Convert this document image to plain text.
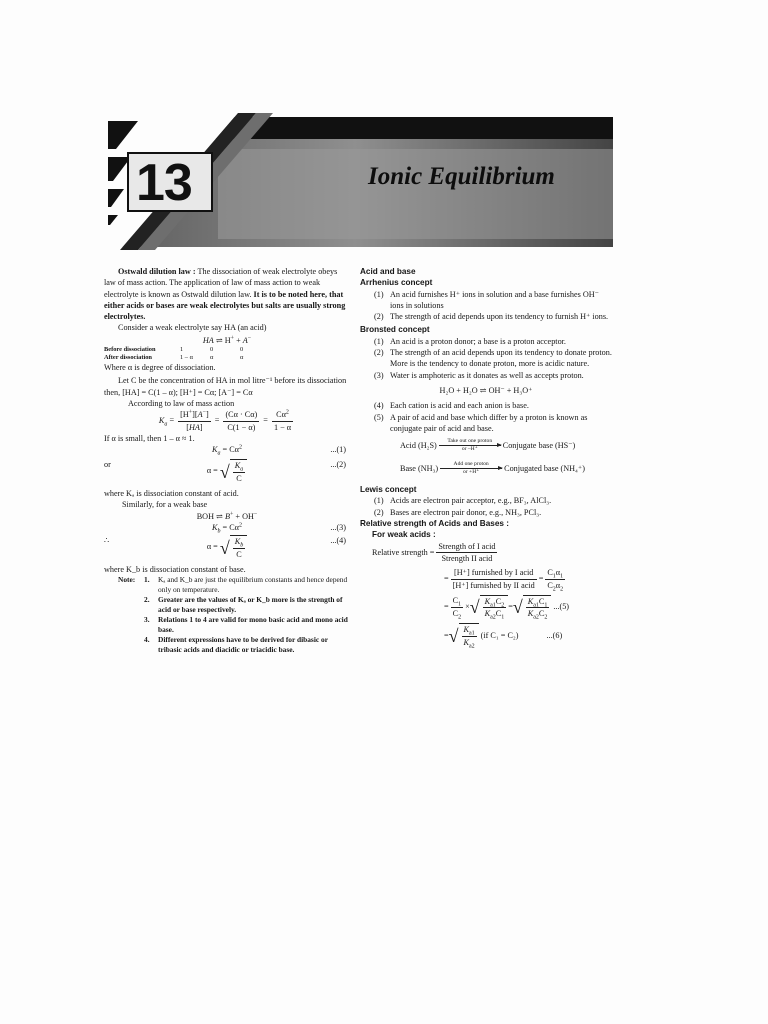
13	Ionic Equilibrium

Ostwald dilution law : The dissociation of weak electrolyte obeys law of mass action. The application of law of mass action to weak electrolyte is known as Ostwald dilution law. It is to be noted here, that either acids or bases are weak electrolytes but salts are usually strong electrolytes.

Consider a weak electrolyte say HA (an acid)

HA ⇌ H+ + A−
Before dissociation	1	0	0
After dissociation	1 – α	α	α

Where α is degree of dissociation.

Let C be the concentration of HA in mol litre⁻¹ before its dissociation then, [HA] = C(1 – α); [H⁺] = Cα; [A⁻] = Cα

According to law of mass action

$K_a = \frac{[H^+][A^-]}{[HA]} = \frac{(C\alpha \cdot C\alpha)}{C(1 - \alpha)} = \frac{C\alpha^2}{1 - \alpha}$

If α is small, then 1 – α ≈ 1.

$K_a = C\alpha^2$	...(1)
or
α = √ $\frac{K_a}{C}$	...(2)

where Kₐ is dissociation constant of acid.

Similarly, for a weak base

BOH ⇌ B+ + OH−
$K_b = C\alpha^2$	...(3)
∴
α = √ $\frac{K_b}{C}$	...(4)

where K_b is dissociation constant of base.

Note:	1.	Kₐ and K_b are just the equilibrium constants and hence depend only on temperature.
2.	Greater are the values of Kₐ or K_b more is the strength of acid or base respectively.
3.	Relations 1 to 4 are valid for mono basic acid and mono acid base.
4.	Different expressions have to be derived for dibasic or tribasic acids and diacidic or triacidic base.
Acid and base
Arrhenius concept
(1) An acid furnishes H⁺ ions in solution and a base furnishes OH⁻ ions in solutions
(2) The strength of acid depends upon its tendency to furnish H⁺ ions.
Bronsted concept
(1) An acid is a proton donor; a base is a proton acceptor.
(2) The strength of an acid depends upon its tendency to donate proton. More is the tendency to donate proton, more is acidic nature.
(3) Water is amphoteric as it donates as well as accepts proton.
H₂O + H₂O ⇌ OH⁻ + H₃O⁺
(4) Each cation is acid and each anion is base.
(5) A pair of acid and base which differ by a proton is known as conjugate pair of acid and base.
Acid (H₂S) Take out one proton
or –H⁺	Conjugate base (HS⁻)
Base (NH₃)	Add one proton
or +H⁺	Conjugated base (NH₄⁺)
Lewis concept
(1) Acids are electron pair acceptor, e.g., BF₃, AlCl₃.
(2) Bases are electron pair donor, e.g., NH₃, PCl₃.
Relative strength of Acids and Bases :
For weak acids :
Relative strength = $\frac{\text{Strength of I acid}}{\text{Strength II acid}}$
= $\frac{\text{[H⁺] furnished by I acid}}{\text{[H⁺] furnished by II acid}} = \frac{C_1\alpha_1}{C_2\alpha_2}$
= $\frac{C_1}{C_2}$ × √ $\frac{K_{a1}C_2}{K_{a2}C_1}$ = √ $\frac{K_{a1}C_1}{K_{a2}C_2} ...(5)$
= √ $\frac{K_{a1}}{K_{a2}} (if$ C₁ = C₂)	...(6)
